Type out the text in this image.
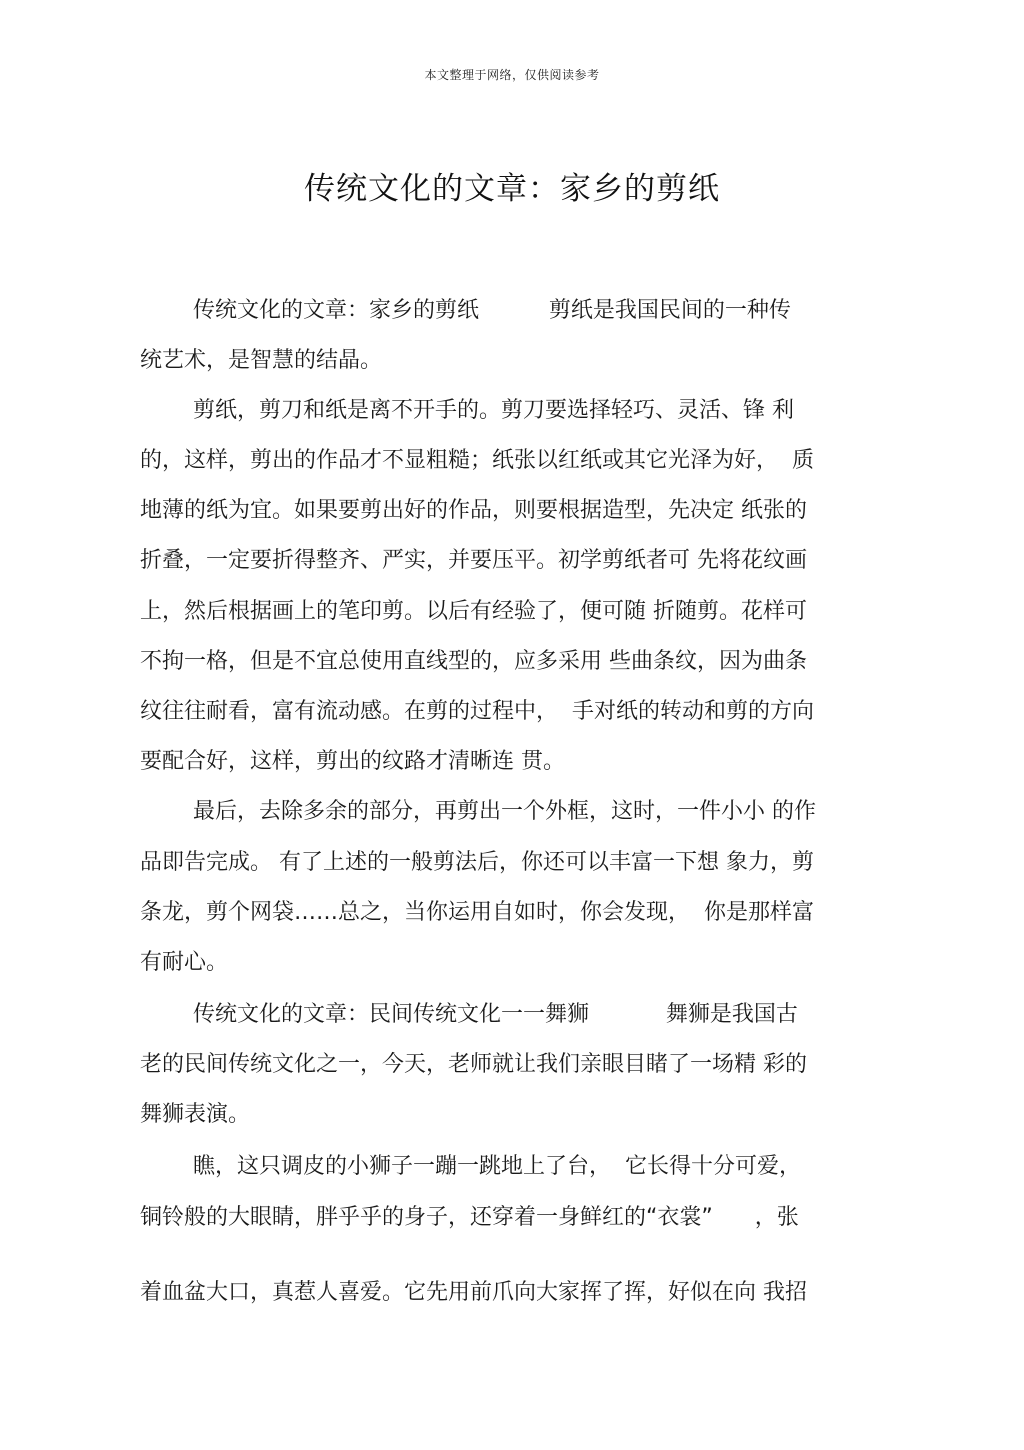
本文整理于网络，仅供阅读参考
传统文化的文章：家乡的剪纸
传统文化的文章：家乡的剪纸          剪纸是我国民间的一种传
统艺术，是智慧的结晶。
剪纸，剪刀和纸是离不开手的。剪刀要选择轻巧、灵活、锋 利
的，这样，剪出的作品才不显粗糙；纸张以红纸或其它光泽为好，  质
地薄的纸为宜。如果要剪出好的作品，则要根据造型，先决定 纸张的
折叠，一定要折得整齐、严实，并要压平。初学剪纸者可 先将花纹画
上，然后根据画上的笔印剪。以后有经验了，便可随 折随剪。花样可
不拘一格，但是不宜总使用直线型的，应多采用 些曲条纹，因为曲条
纹往往耐看，富有流动感。在剪的过程中，  手对纸的转动和剪的方向
要配合好，这样，剪出的纹路才清晰连 贯。
最后，去除多余的部分，再剪出一个外框，这时，一件小小 的作
品即告完成。 有了上述的一般剪法后，你还可以丰富一下想 象力，剪
条龙，剪个网袋……总之，当你运用自如时，你会发现，  你是那样富
有耐心。
传统文化的文章：民间传统文化一一舞狮           舞狮是我国古
老的民间传统文化之一，今天，老师就让我们亲眼目睹了一场精 彩的
舞狮表演。
瞧，这只调皮的小狮子一蹦一跳地上了台，  它长得十分可爱，
铜铃般的大眼睛，胖乎乎的身子，还穿着一身鲜红的“衣裳”      ，张
着血盆大口，真惹人喜爱。它先用前爪向大家挥了挥，好似在向 我招
